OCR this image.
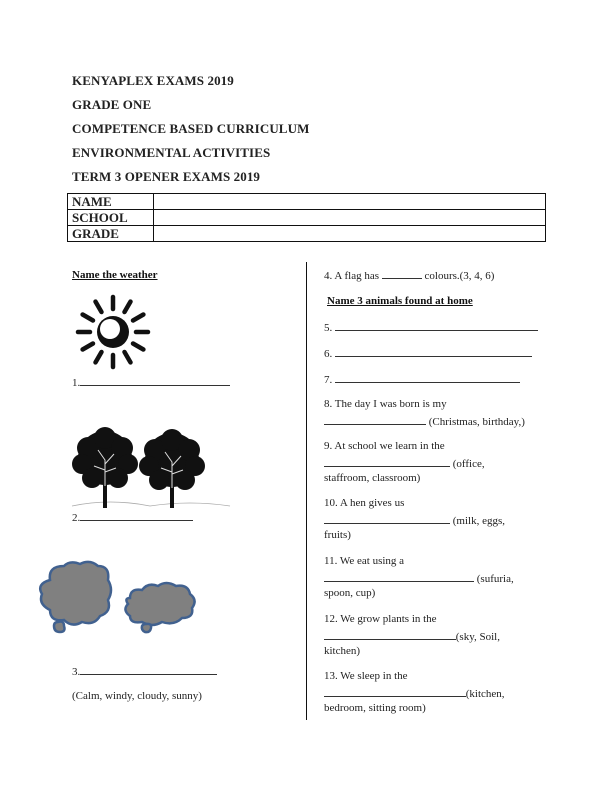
KENYAPLEX EXAMS 2019
GRADE ONE
COMPETENCE BASED CURRICULUM
ENVIRONMENTAL ACTIVITIES
TERM 3 OPENER EXAMS 2019
NAME	
SCHOOL	
GRADE	
Name the weather
1.
2.
3.
(Calm, windy, cloudy, sunny)
4. A flag has	colours.(3, 4, 6)
Name 3 animals found at home
5.
6.
7.
8. The day I was born is my
(Christmas, birthday,)
9. At school we learn in the
(office,
staffroom, classroom)
10. A hen gives us
(milk, eggs,
fruits)
11. We eat using a
(sufuria,
spoon, cup)
12. We grow plants in the
(sky, Soil,
kitchen)
13. We sleep in the
(kitchen,
bedroom, sitting room)
